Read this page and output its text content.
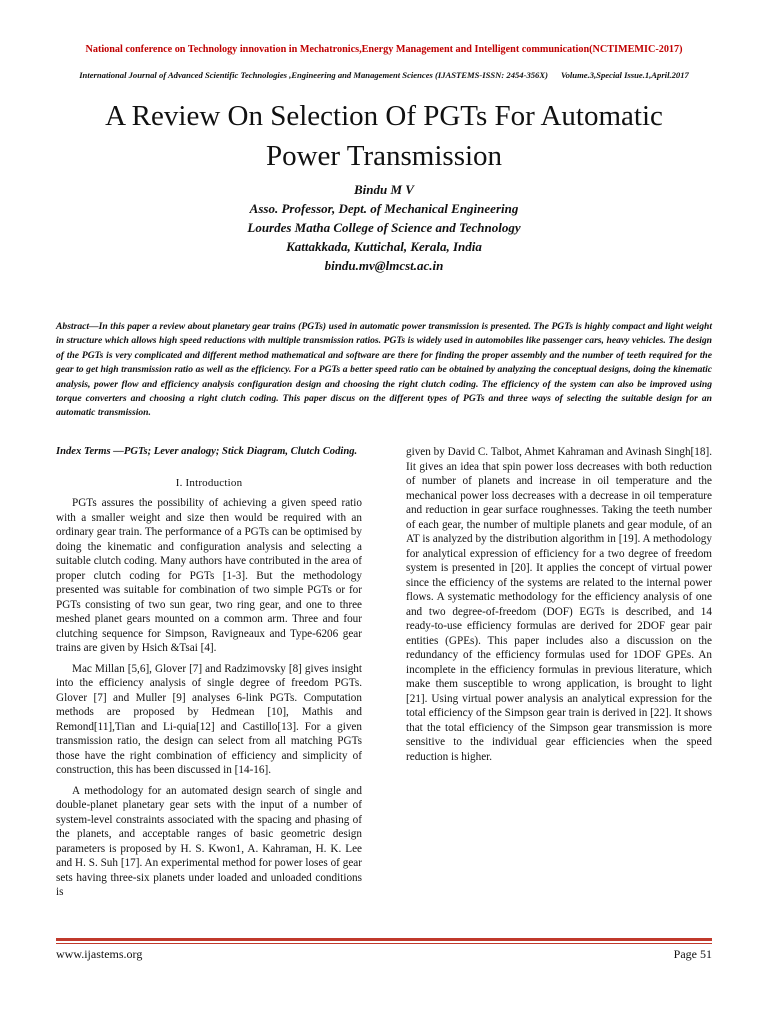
National conference on Technology innovation in Mechatronics,Energy Management and Intelligent communication(NCTIMEMIC-2017)
International Journal of Advanced Scientific Technologies ,Engineering and Management Sciences (IJASTEMS-ISSN: 2454-356X) Volume.3,Special Issue.1,April.2017
A Review On Selection Of PGTs For Automatic
Power Transmission
Bindu M V
Asso. Professor, Dept. of Mechanical Engineering
Lourdes Matha College of Science and Technology
Kattakkada, Kuttichal, Kerala, India
bindu.mv@lmcst.ac.in
Abstract—In this paper a review about planetary gear trains (PGTs) used in automatic power transmission is presented. The PGTs is highly compact and light weight in structure which allows high speed reductions with multiple transmission ratios. PGTs is widely used in automobiles like passenger cars, heavy vehicles. The design of the PGTs is very complicated and different method mathematical and software are there for finding the proper assembly and the number of teeth required for the gear to get high transmission ratio as well as the efficiency. For a PGTs a better speed ratio can be obtained by analyzing the conceptual designs, doing the kinematic analysis, power flow and efficiency analysis configuration design and choosing the right clutch coding. The efficiency of the system can also be improved using torque converters and choosing a right clutch coding. This paper discus on the different types of PGTs and three ways of selecting the suitable design for an automatic transmission.

Index Terms —PGTs; Lever analogy; Stick Diagram, Clutch Coding.

I. Introduction

PGTs assures the possibility of achieving a given speed ratio with a smaller weight and size then would be required with an ordinary gear train. The performance of a PGTs can be optimised by doing the kinematic and configuration analysis and selecting a suitable clutch coding. Many authors have contributed in the area of proper clutch coding for PGTs [1-3]. But the methodology presented was suitable for combination of two simple PGTs or for PGTs consisting of two sun gear, two ring gear, and one to three meshed planet gears mounted on a common arm. Three and four clutching sequence for Simpson, Ravigneaux and Type-6206 gear trains are given by Hsich &Tsai [4].

Mac Millan [5,6], Glover [7] and Radzimovsky [8] gives insight into the efficiency analysis of single degree of freedom PGTs. Glover [7] and Muller [9] analyses 6-link PGTs. Computation methods are proposed by Hedmean [10], Mathis and Remond[11],Tian and Li-quia[12] and Castillo[13]. For a given transmission ratio, the design can select from all matching PGTs those have the right combination of efficiency and simplicity of construction, this has been discussed in [14-16].

A methodology for an automated design search of single and double-planet planetary gear sets with the input of a number of system-level constraints associated with the spacing and phasing of the planets, and acceptable ranges of basic geometric design parameters is proposed by H. S. Kwon1, A. Kahraman, H. K. Lee and H. S. Suh [17]. An experimental method for power loses of gear sets having three-six planets under loaded and unloaded conditions is

given by David C. Talbot, Ahmet Kahraman and Avinash Singh[18]. Iit gives an idea that spin power loss decreases with both reduction of number of planets and increase in oil temperature and the mechanical power loss decreases with a decrease in oil temperature and reduction in gear surface roughnesses. Taking the teeth number of each gear, the number of multiple planets and gear module, of an AT is analyzed by the distribution algorithm in [19]. A methodology for analytical expression of efficiency for a two degree of freedom system is presented in [20]. It applies the concept of virtual power since the efficiency of the systems are related to the internal power flows. A systematic methodology for the efficiency analysis of one and two degree-of-freedom (DOF) EGTs is described, and 14 ready-to-use efficiency formulas are derived for 2DOF gear pair entities (GPEs). This paper includes also a discussion on the redundancy of the efficiency formulas used for 1DOF GPEs. An incomplete in the efficiency formulas in previous literature, which make them susceptible to wrong application, is brought to light [21]. Using virtual power analysis an analytical expression for the total efficiency of the Simpson gear train is derived in [22]. It shows that the total efficiency of the Simpson gear transmission is more sensitive to the individual gear efficiencies when the speed reduction is higher.

www.ijastems.org	Page 51
